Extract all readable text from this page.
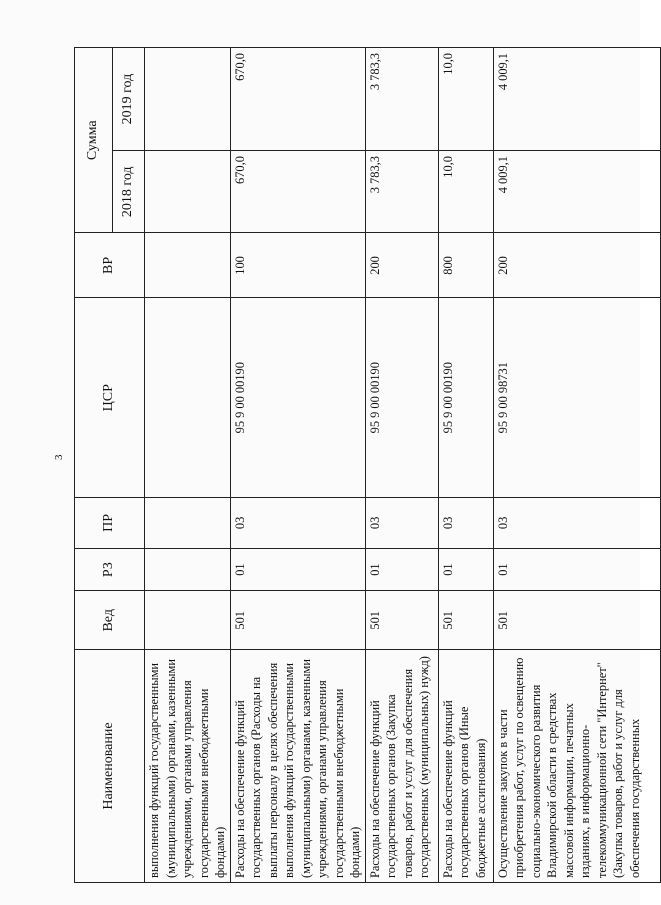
3
Наименование	Вед	РЗ	ПР	ЦСР	ВР	Сумма	
						2018 год	2019 год
выполнения функций государственными (муниципальными) органами, казенными учреждениями, органами управления государственными внебюджетными фондами)							
Расходы на обеспечение функций государственных органов (Расходы на выплаты персоналу в целях обеспечения выполнения функций государственными (муниципальными) органами, казенными учреждениями, органами управления государственными внебюджетными фондами)	501	01	03	95 9 00 00190	100	670,0	670,0
Расходы на обеспечение функций государственных органов (Закупка товаров, работ и услуг для обеспечения государственных (муниципальных) нужд)	501	01	03	95 9 00 00190	200	3 783,3	3 783,3
Расходы на обеспечение функций государственных органов (Иные бюджетные ассигнования)	501	01	03	95 9 00 00190	800	10,0	10,0
Осуществление закупок в части приобретения работ, услуг по освещению социально-экономического развития Владимирской области в средствах массовой информации, печатных изданиях, в информационно-телекоммуникационной сети "Интернет" (Закупка товаров, работ и услуг для обеспечения государственных	501	01	03	95 9 00 98731	200	4 009,1	4 009,1
